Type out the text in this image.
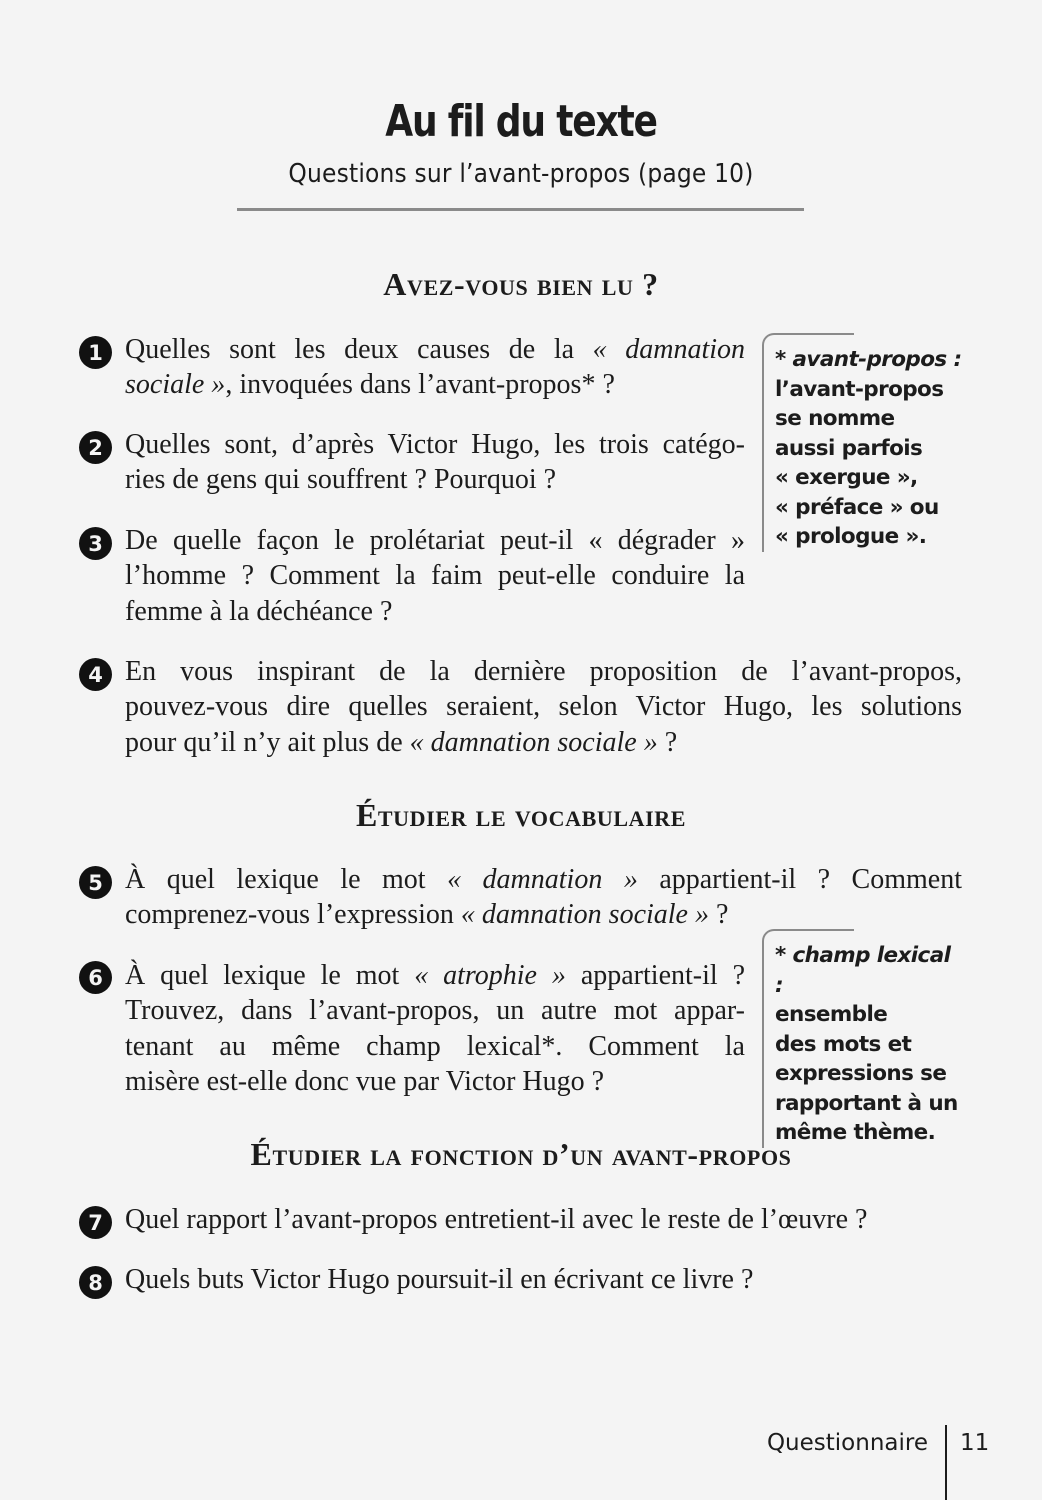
Au fil du texte
Questions sur l’avant-propos (page 10)
Avez-vous bien lu ?
1 Quelles sont les deux causes de la « damnation
sociale », invoquées dans l’avant-propos* ?
2 Quelles sont, d’après Victor Hugo, les trois catégo-
ries de gens qui souffrent ? Pourquoi ?
3 De quelle façon le prolétariat peut-il « dégrader »
l’homme ? Comment la faim peut-elle conduire la
femme à la déchéance ?
* avant-propos :
l’avant-propos
se nomme
aussi parfois
« exergue »,
« préface » ou
« prologue ».
4 En vous inspirant de la dernière proposition de l’avant-propos,
pouvez-vous dire quelles seraient, selon Victor Hugo, les solutions
pour qu’il n’y ait plus de « damnation sociale » ?
Étudier le vocabulaire
5 À quel lexique le mot « damnation » appartient-il ? Comment
comprenez-vous l’expression « damnation sociale » ?
6 À quel lexique le mot « atrophie » appartient-il ?
Trouvez, dans l’avant-propos, un autre mot appar-
tenant au même champ lexical*. Comment la
misère est-elle donc vue par Victor Hugo ?
* champ lexical :
ensemble
des mots et
expressions se
rapportant à un
même thème.
Étudier la fonction d’un avant-propos
7 Quel rapport l’avant-propos entretient-il avec le reste de l’œuvre ?
8 Quels buts Victor Hugo poursuit-il en écrivant ce livre ?
Questionnaire 11
